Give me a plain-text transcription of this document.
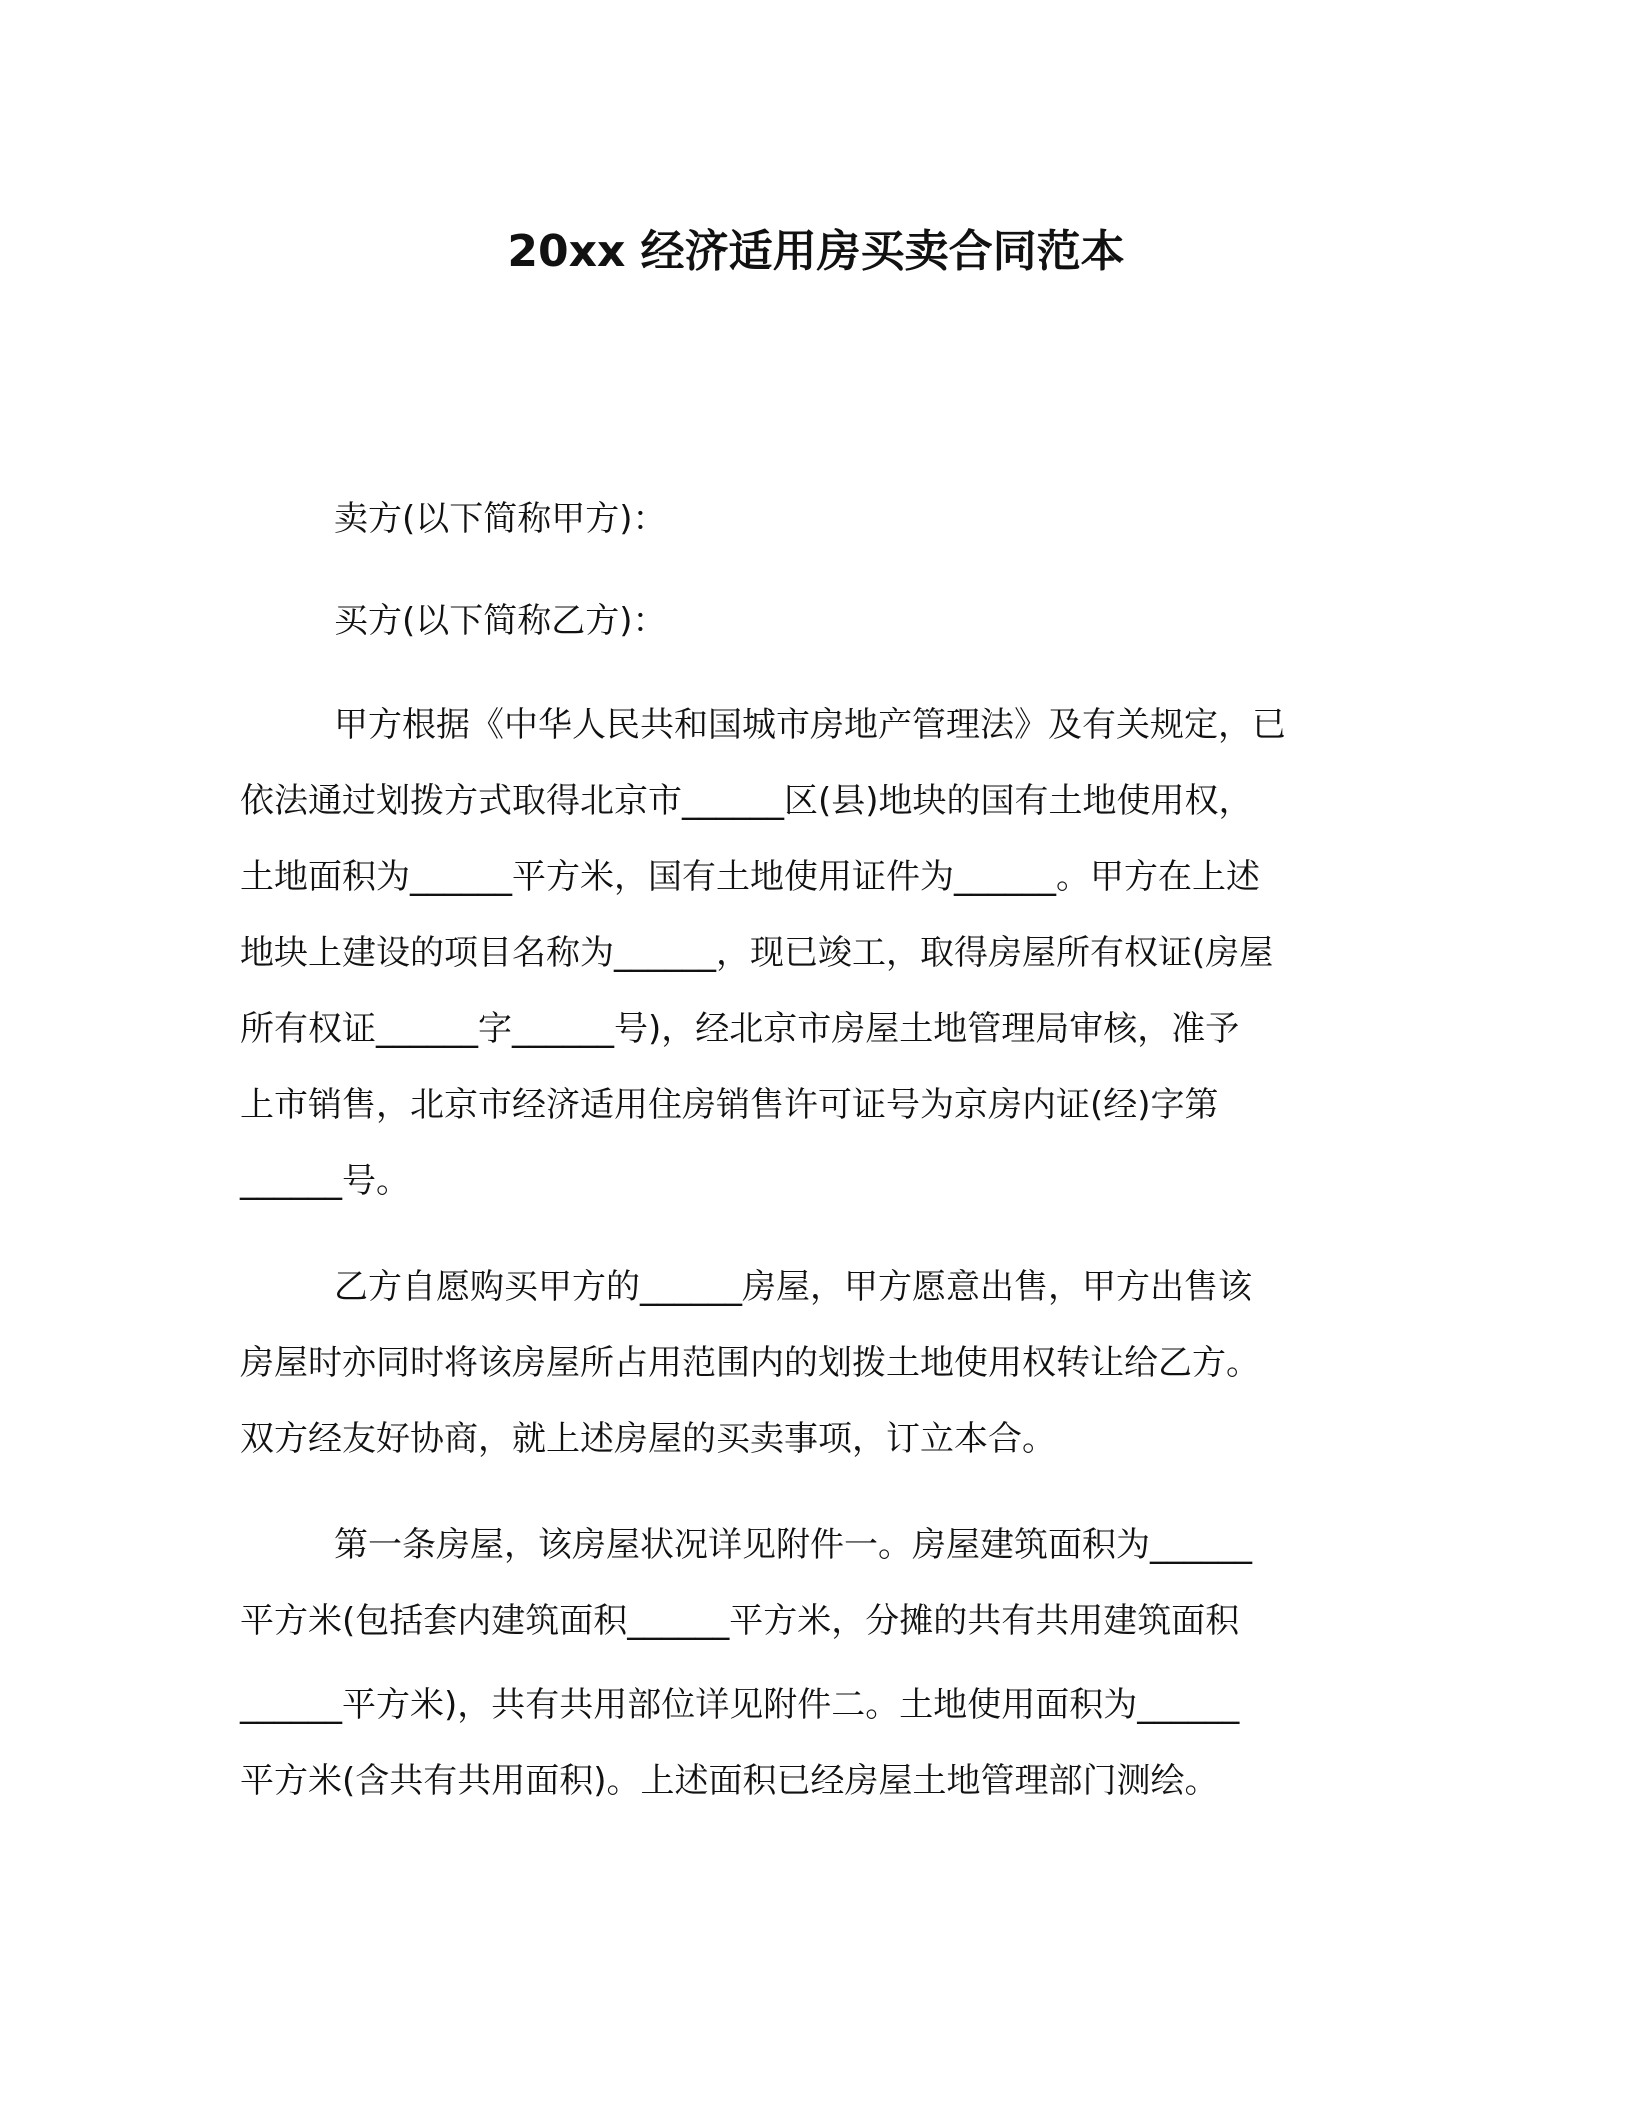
20xx 经济适用房买卖合同范本
卖方(以下简称甲方)：
买方(以下简称乙方)：
甲方根据《中华人民共和国城市房地产管理法》及有关规定，已
依法通过划拨方式取得北京市______区(县)地块的国有土地使用权，
土地面积为______平方米，国有土地使用证件为______。甲方在上述
地块上建设的项目名称为______，现已竣工，取得房屋所有权证(房屋
所有权证______字______号)，经北京市房屋土地管理局审核，准予
上市销售，北京市经济适用住房销售许可证号为京房内证(经)字第
______号。
乙方自愿购买甲方的______房屋，甲方愿意出售，甲方出售该
房屋时亦同时将该房屋所占用范围内的划拨土地使用权转让给乙方。
双方经友好协商，就上述房屋的买卖事项，订立本合。
第一条房屋，该房屋状况详见附件一。房屋建筑面积为______
平方米(包括套内建筑面积______平方米，分摊的共有共用建筑面积
______平方米)，共有共用部位详见附件二。土地使用面积为______
平方米(含共有共用面积)。上述面积已经房屋土地管理部门测绘。
